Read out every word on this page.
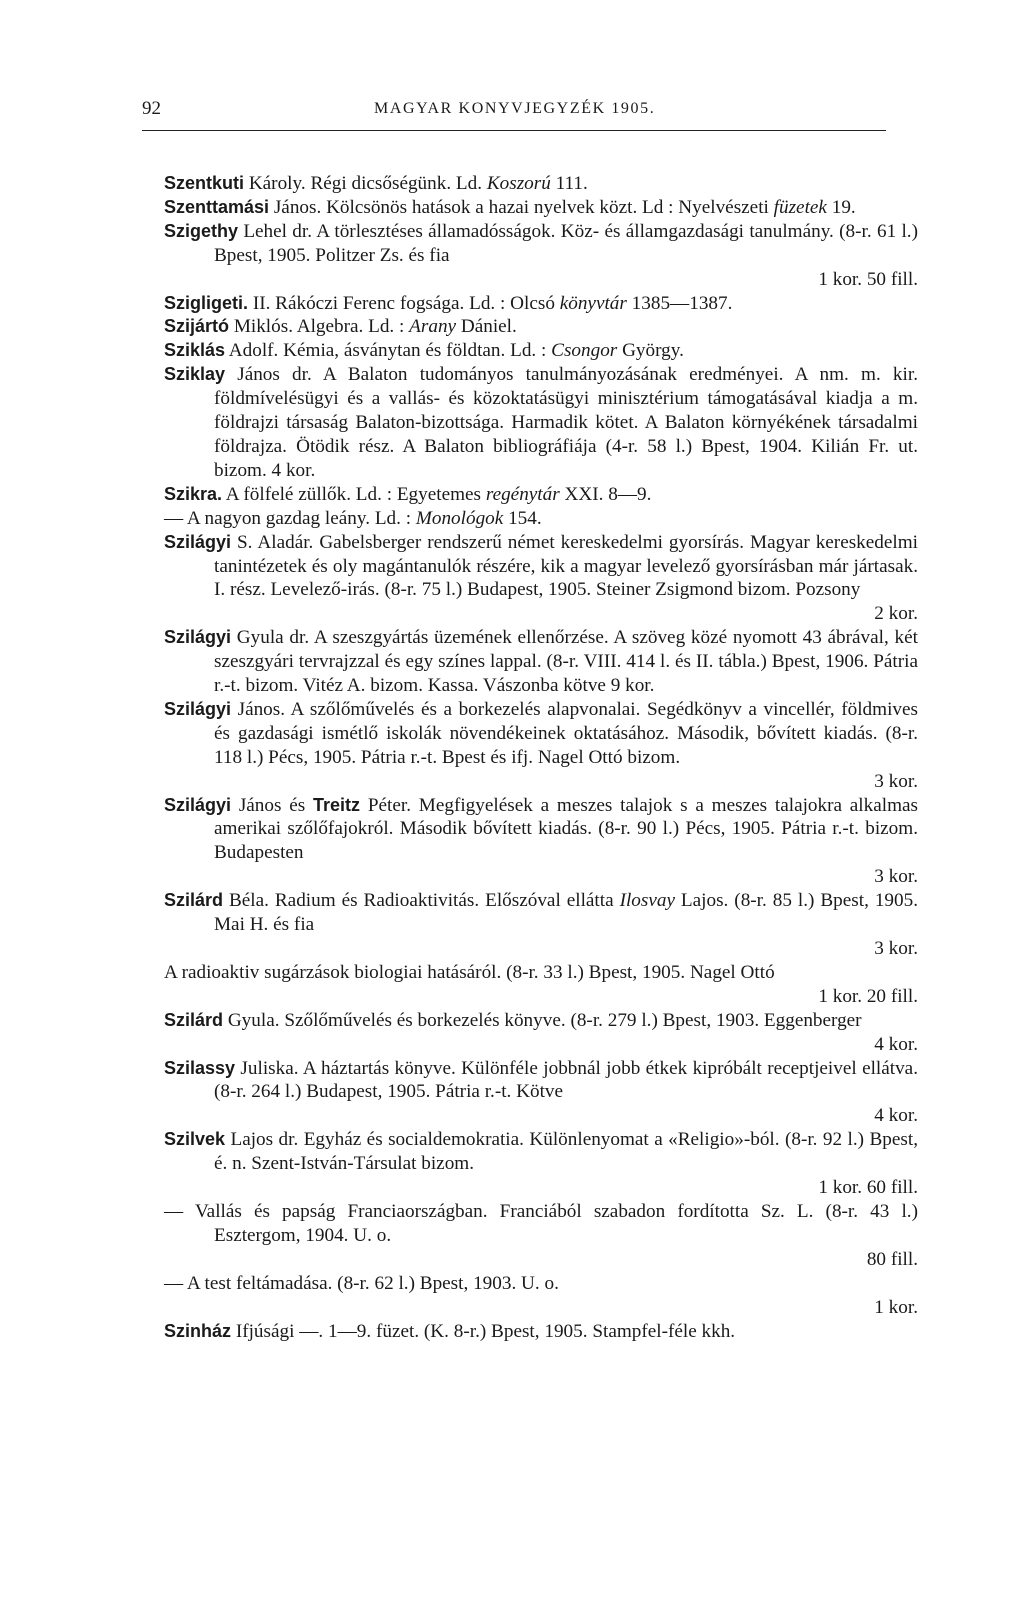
92	MAGYAR KONYVJEGYZÉK 1905.

Szentkuti Károly. Régi dicsőségünk. Ld. Koszorú 111.

Szenttamási János. Kölcsönös hatások a hazai nyelvek közt. Ld : Nyelvészeti füzetek 19.

Szigethy Lehel dr. A törlesztéses államadósságok. Köz- és államgazdasági tanulmány. (8-r. 61 l.) Bpest, 1905. Politzer Zs. és fia
1 kor. 50 fill.

Szigligeti. II. Rákóczi Ferenc fogsága. Ld. : Olcsó könyvtár 1385—1387.

Szijártó Miklós. Algebra. Ld. : Arany Dániel.

Sziklás Adolf. Kémia, ásványtan és földtan. Ld. : Csongor György.

Sziklay János dr. A Balaton tudományos tanulmányozásának eredményei. A nm. m. kir. földmívelésügyi és a vallás- és közoktatásügyi minisztérium támogatásával kiadja a m. földrajzi társaság Balaton-bizottsága. Harmadik kötet. A Balaton környékének társadalmi földrajza. Ötödik rész. A Balaton bibliográfiája (4-r. 58 l.) Bpest, 1904. Kilián Fr. ut. bizom. 4 kor.

Szikra. A fölfelé züllők. Ld. : Egyetemes regénytár XXI. 8—9.

— A nagyon gazdag leány. Ld. : Monológok 154.

Szilágyi S. Aladár. Gabelsberger rendszerű német kereskedelmi gyorsírás. Magyar kereskedelmi tanintézetek és oly magántanulók részére, kik a magyar levelező gyorsírásban már jártasak. I. rész. Levelező-irás. (8-r. 75 l.) Budapest, 1905. Steiner Zsigmond bizom. Pozsony
2 kor.

Szilágyi Gyula dr. A szeszgyártás üzemének ellenőrzése. A szöveg közé nyomott 43 ábrával, két szeszgyári tervrajzzal és egy színes lappal. (8-r. VIII. 414 l. és II. tábla.) Bpest, 1906. Pátria r.-t. bizom. Vitéz A. bizom. Kassa. Vászonba kötve 9 kor.

Szilágyi János. A szőlőművelés és a borkezelés alapvonalai. Segédkönyv a vincellér, földmives és gazdasági ismétlő iskolák növendékeinek oktatásához. Második, bővített kiadás. (8-r. 118 l.) Pécs, 1905. Pátria r.-t. Bpest és ifj. Nagel Ottó bizom.
3 kor.

Szilágyi János és Treitz Péter. Megfigyelések a meszes talajok s a meszes talajokra alkalmas amerikai szőlőfajokról. Második bővített kiadás. (8-r. 90 l.) Pécs, 1905. Pátria r.-t. bizom. Budapesten
3 kor.

Szilárd Béla. Radium és Radioaktivitás. Előszóval ellátta Ilosvay Lajos. (8-r. 85 l.) Bpest, 1905. Mai H. és fia
3 kor.

A radioaktiv sugárzások biologiai hatásáról. (8-r. 33 l.) Bpest, 1905. Nagel Ottó
1 kor. 20 fill.

Szilárd Gyula. Szőlőművelés és borkezelés könyve. (8-r. 279 l.) Bpest, 1903. Eggenberger
4 kor.

Szilassy Juliska. A háztartás könyve. Különféle jobbnál jobb étkek kipróbált receptjeivel ellátva. (8-r. 264 l.) Budapest, 1905. Pátria r.-t. Kötve
4 kor.

Szilvek Lajos dr. Egyház és socialdemokratia. Különlenyomat a «Religio»-ból. (8-r. 92 l.) Bpest, é. n. Szent-István-Társulat bizom.
1 kor. 60 fill.

— Vallás és papság Franciaországban. Franciából szabadon fordította Sz. L. (8-r. 43 l.) Esztergom, 1904. U. o.
80 fill.

— A test feltámadása. (8-r. 62 l.) Bpest, 1903. U. o.
1 kor.

Szinház Ifjúsági —. 1—9. füzet. (K. 8-r.) Bpest, 1905. Stampfel-féle kkh.
